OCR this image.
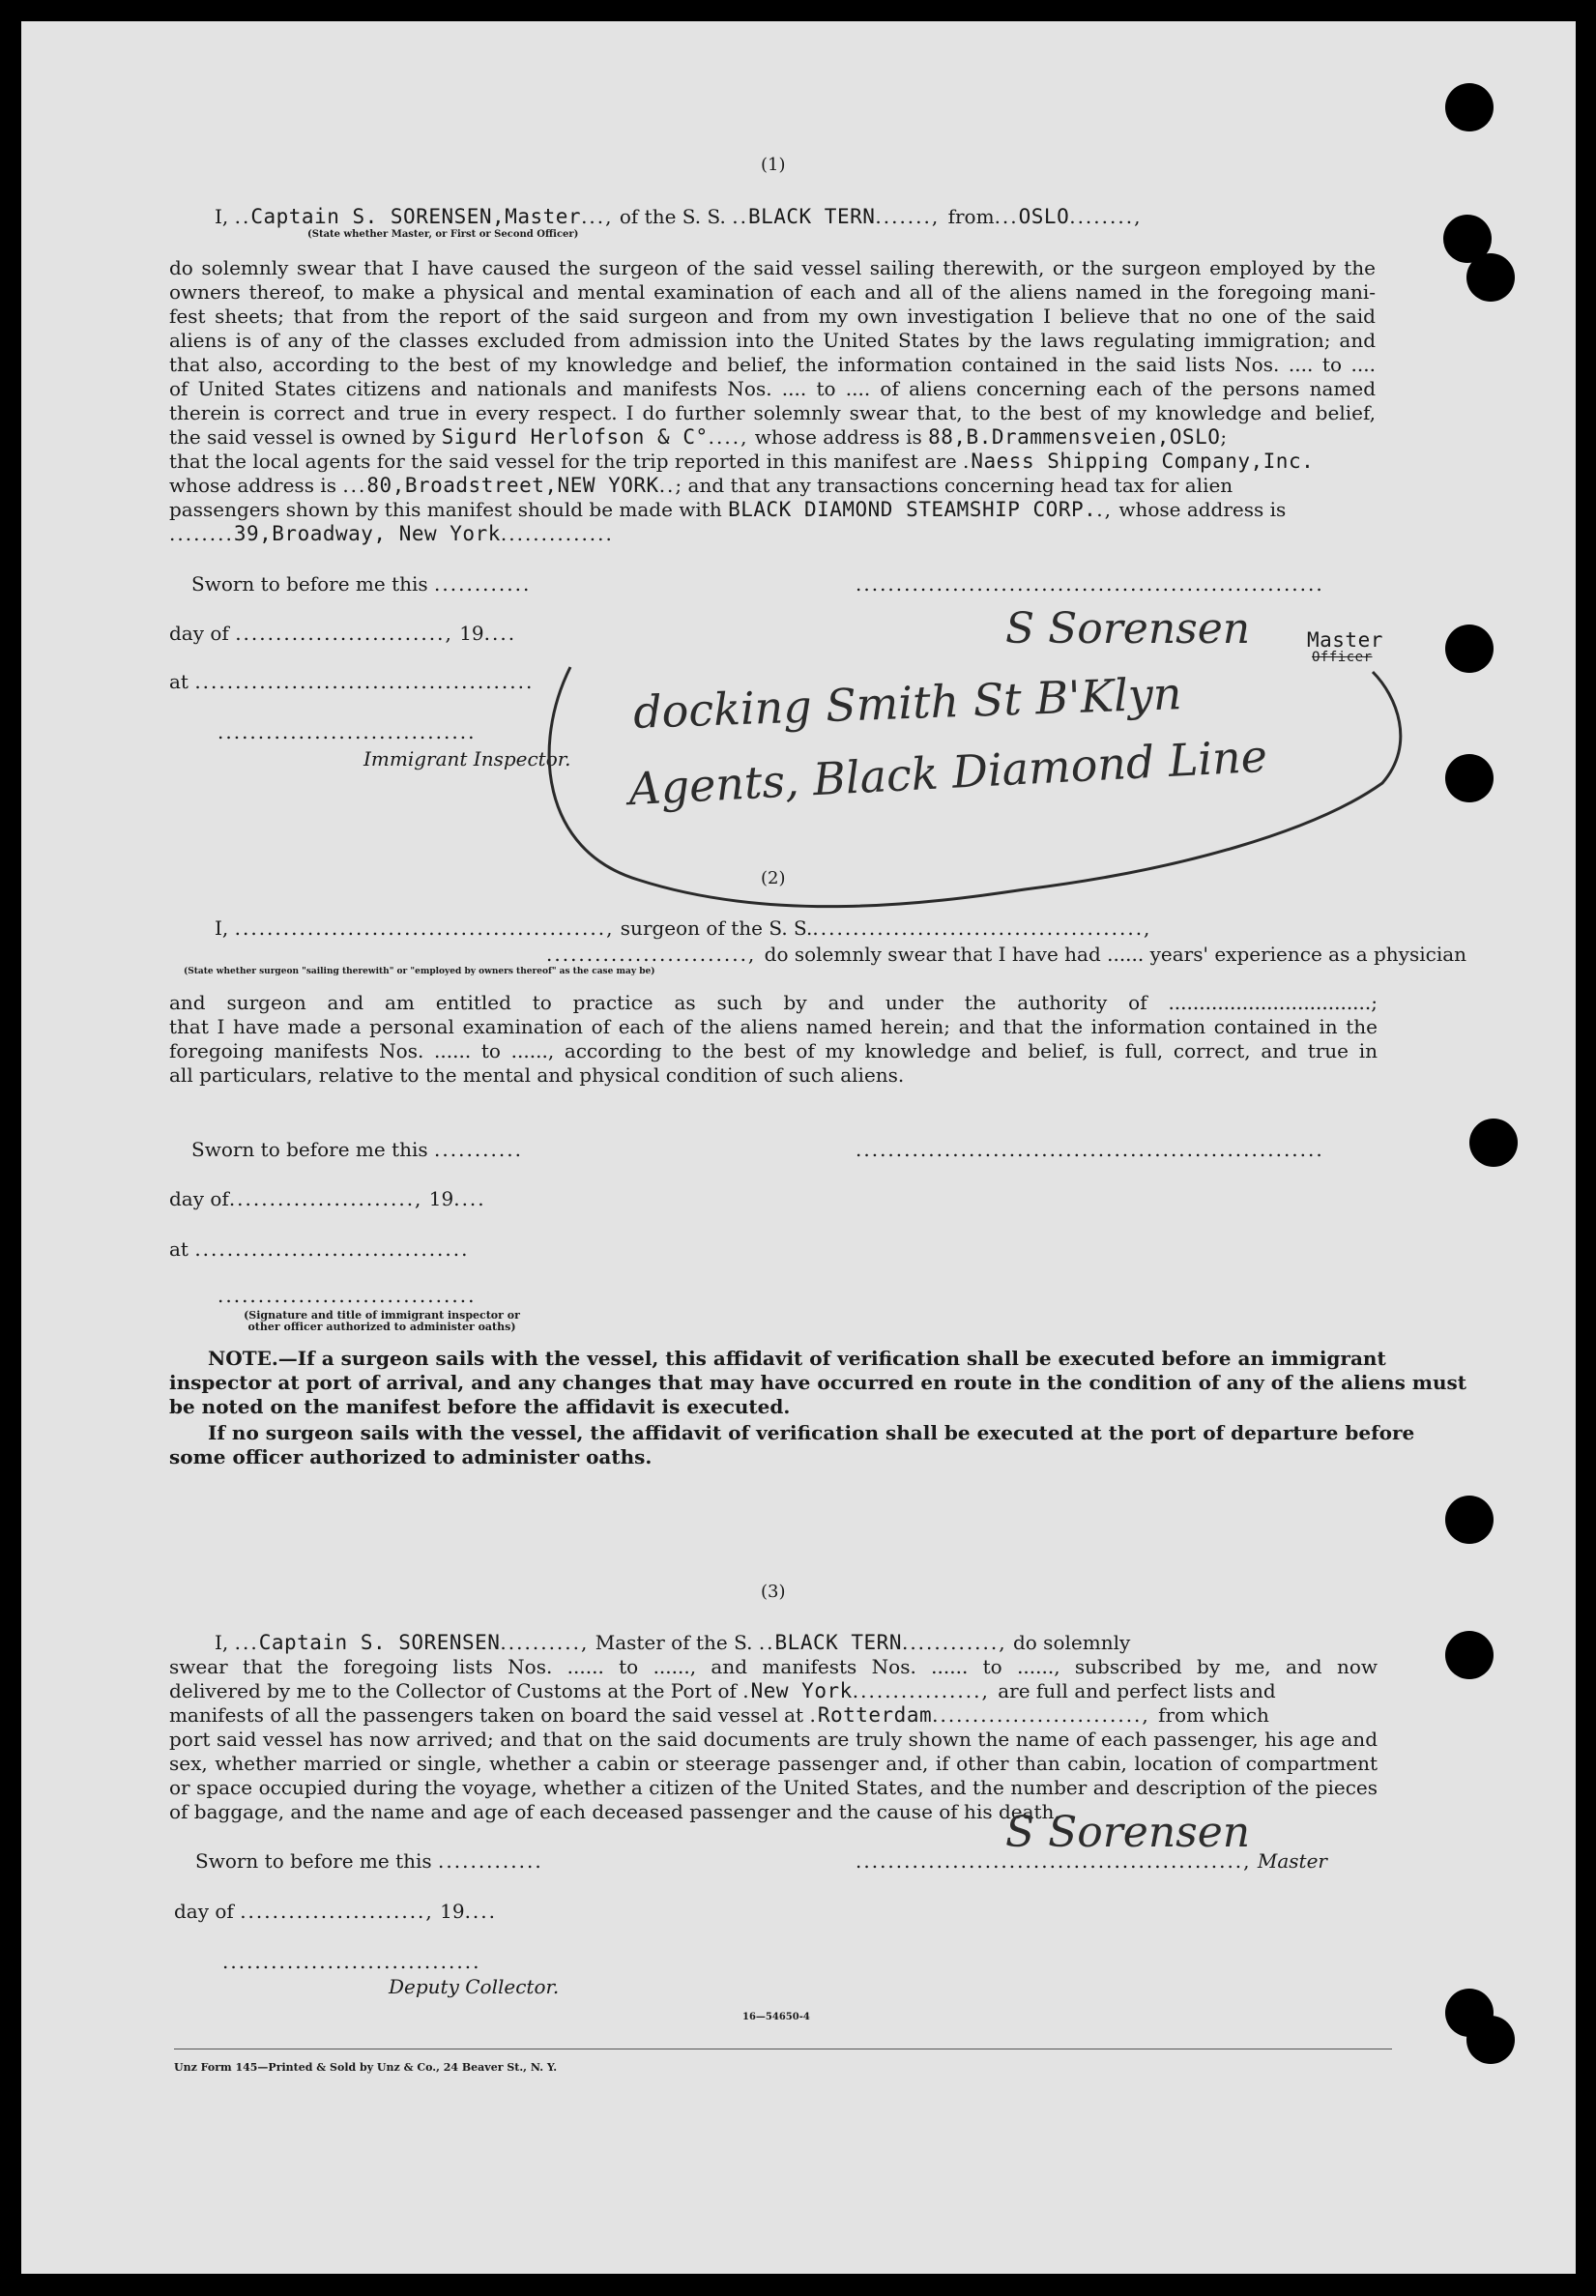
(1)
I, ..Captain S. SORENSEN,Master..., of the S. S. ..BLACK TERN......., from...OSLO........,
(State whether Master, or First or Second Officer)
do solemnly swear that I have caused the surgeon of the said vessel sailing therewith, or the surgeon employed by the
owners thereof, to make a physical and mental examination of each and all of the aliens named in the foregoing mani-
fest sheets; that from the report of the said surgeon and from my own investigation I believe that no one of the said
aliens is of any of the classes excluded from admission into the United States by the laws regulating immigration; and
that also, according to the best of my knowledge and belief, the information contained in the said lists Nos. .... to ....
of United States citizens and nationals and manifests Nos. .... to .... of aliens concerning each of the persons named
therein is correct and true in every respect. I do further solemnly swear that, to the best of my knowledge and belief,
the said vessel is owned by Sigurd Herlofson & C°...., whose address is 88,B.Drammensveien,OSLO;
that the local agents for the said vessel for the trip reported in this manifest are .Naess Shipping Company,Inc.
whose address is ...80,Broadstreet,NEW YORK..; and that any transactions concerning head tax for alien
passengers shown by this manifest should be made with BLACK DIAMOND STEAMSHIP CORP.., whose address is
........39,Broadway, New York..............
Sworn to before me this ............	..........................................................
day of .........................., 19....
at ..........................................
................................
Immigrant Inspector.
Master
Officer
docking Smith St B'Klyn
Agents, Black Diamond Line
S Sorensen
(2)
I, .............................................., surgeon of the S. S..........................................,
........................., do solemnly swear that I have had ...... years' experience as a physician
(State whether surgeon "sailing therewith" or "employed by owners thereof" as the case may be)
and surgeon and am entitled to practice as such by and under the authority of .................................;
that I have made a personal examination of each of the aliens named herein; and that the information contained in the
foregoing manifests Nos. ...... to ......, according to the best of my knowledge and belief, is full, correct, and true in
all particulars, relative to the mental and physical condition of such aliens.
Sworn to before me this ...........	..........................................................
day of......................., 19....
at ..................................
................................
(Signature and title of immigrant inspector or
other officer authorized to administer oaths)
  NOTE.—If a surgeon sails with the vessel, this affidavit of verification shall be executed before an immigrant
inspector at port of arrival, and any changes that may have occurred en route in the condition of any of the aliens must
be noted on the manifest before the affidavit is executed.
  If no surgeon sails with the vessel, the affidavit of verification shall be executed at the port of departure before
some officer authorized to administer oaths.
(3)
I, ...Captain S. SORENSEN.........., Master of the S. ..BLACK TERN............, do solemnly
swear that the foregoing lists Nos. ...... to ......, and manifests Nos. ...... to ......, subscribed by me, and now
delivered by me to the Collector of Customs at the Port of .New York................, are full and perfect lists and
manifests of all the passengers taken on board the said vessel at .Rotterdam.........................., from which
port said vessel has now arrived; and that on the said documents are truly shown the name of each passenger, his age and
sex, whether married or single, whether a cabin or steerage passenger and, if other than cabin, location of compartment
or space occupied during the voyage, whether a citizen of the United States, and the number and description of the pieces
of baggage, and the name and age of each deceased passenger and the cause of his death.
S Sorensen
Sworn to before me this .............	................................................, Master
day of ......................., 19....
................................
Deputy Collector.
16—54650-4
Unz Form 145—Printed & Sold by Unz & Co., 24 Beaver St., N. Y.
